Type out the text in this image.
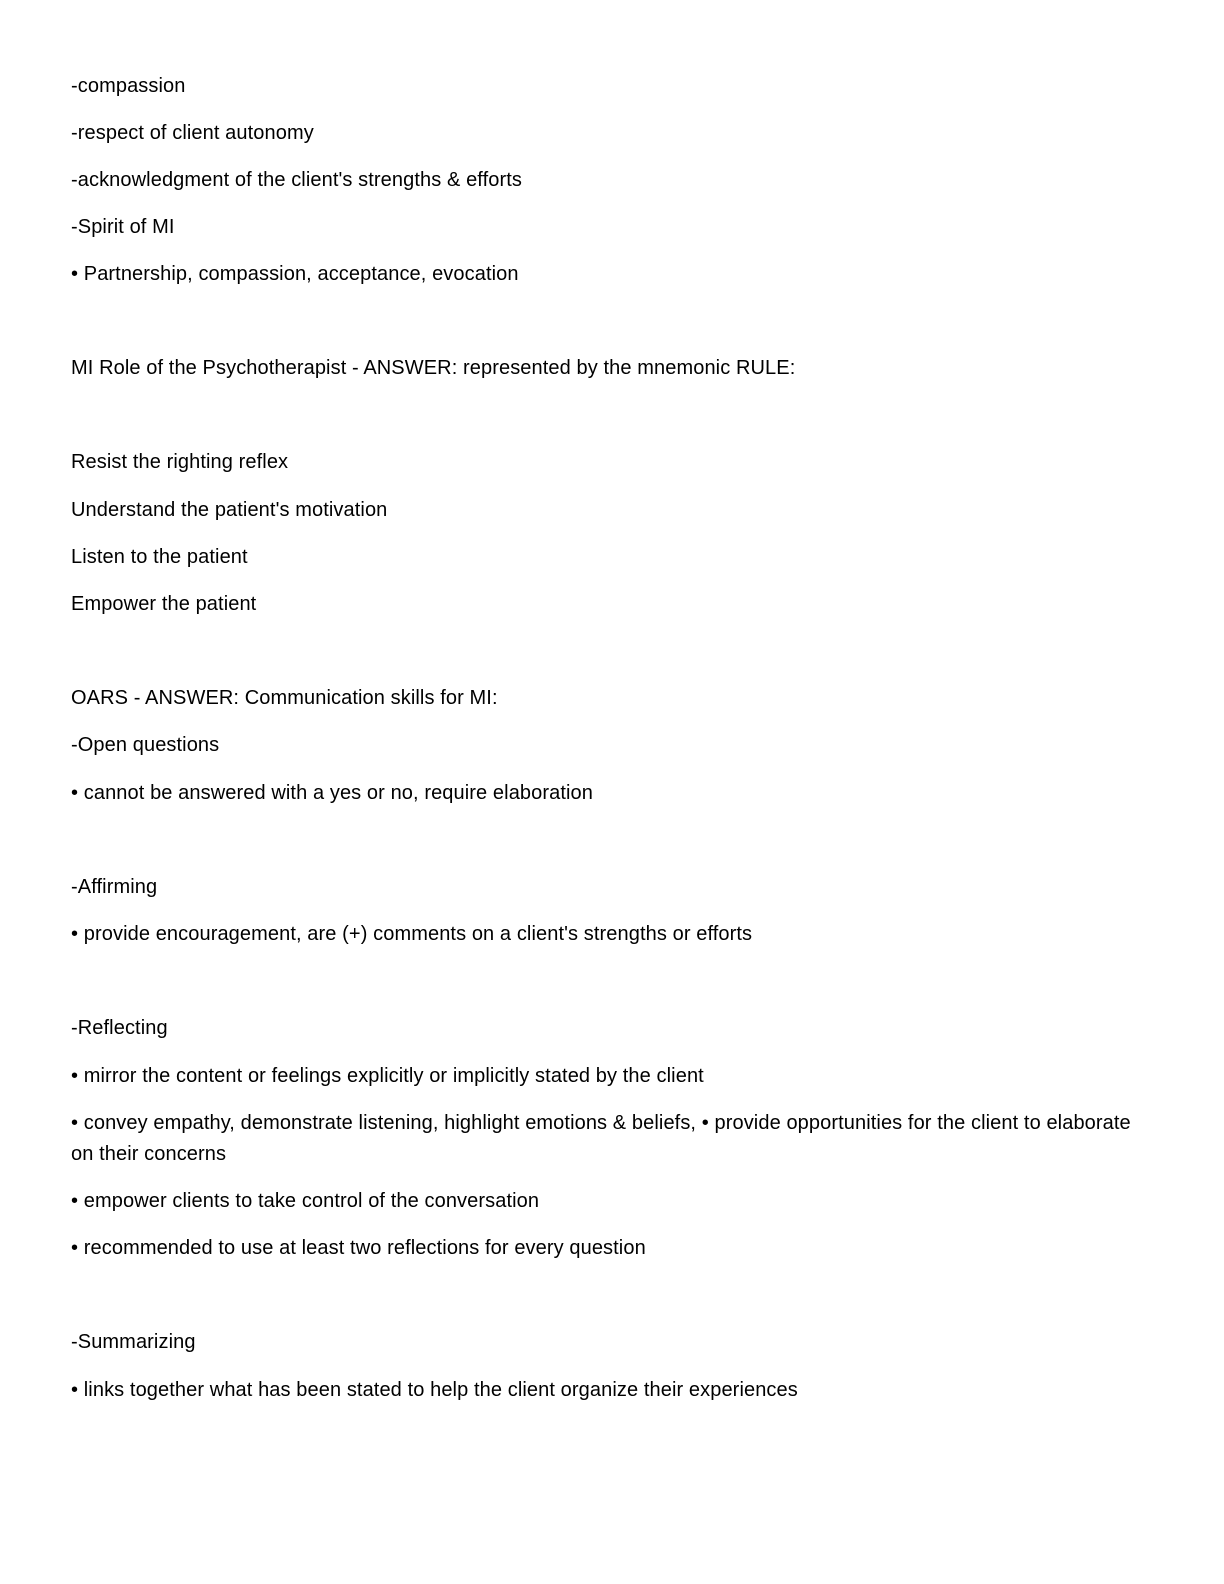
-compassion
-respect of client autonomy
-acknowledgment of the client's strengths & efforts
-Spirit of MI
• Partnership, compassion, acceptance, evocation
MI Role of the Psychotherapist - ANSWER: represented by the mnemonic RULE:
Resist the righting reflex
Understand the patient's motivation
Listen to the patient
Empower the patient
OARS - ANSWER: Communication skills for MI:
-Open questions
• cannot be answered with a yes or no, require elaboration
-Affirming
• provide encouragement, are (+) comments on a client's strengths or efforts
-Reflecting
• mirror the content or feelings explicitly or implicitly stated by the client
• convey empathy, demonstrate listening, highlight emotions & beliefs, • provide opportunities for the client to elaborate on their concerns
• empower clients to take control of the conversation
• recommended to use at least two reflections for every question
-Summarizing
• links together what has been stated to help the client organize their experiences
